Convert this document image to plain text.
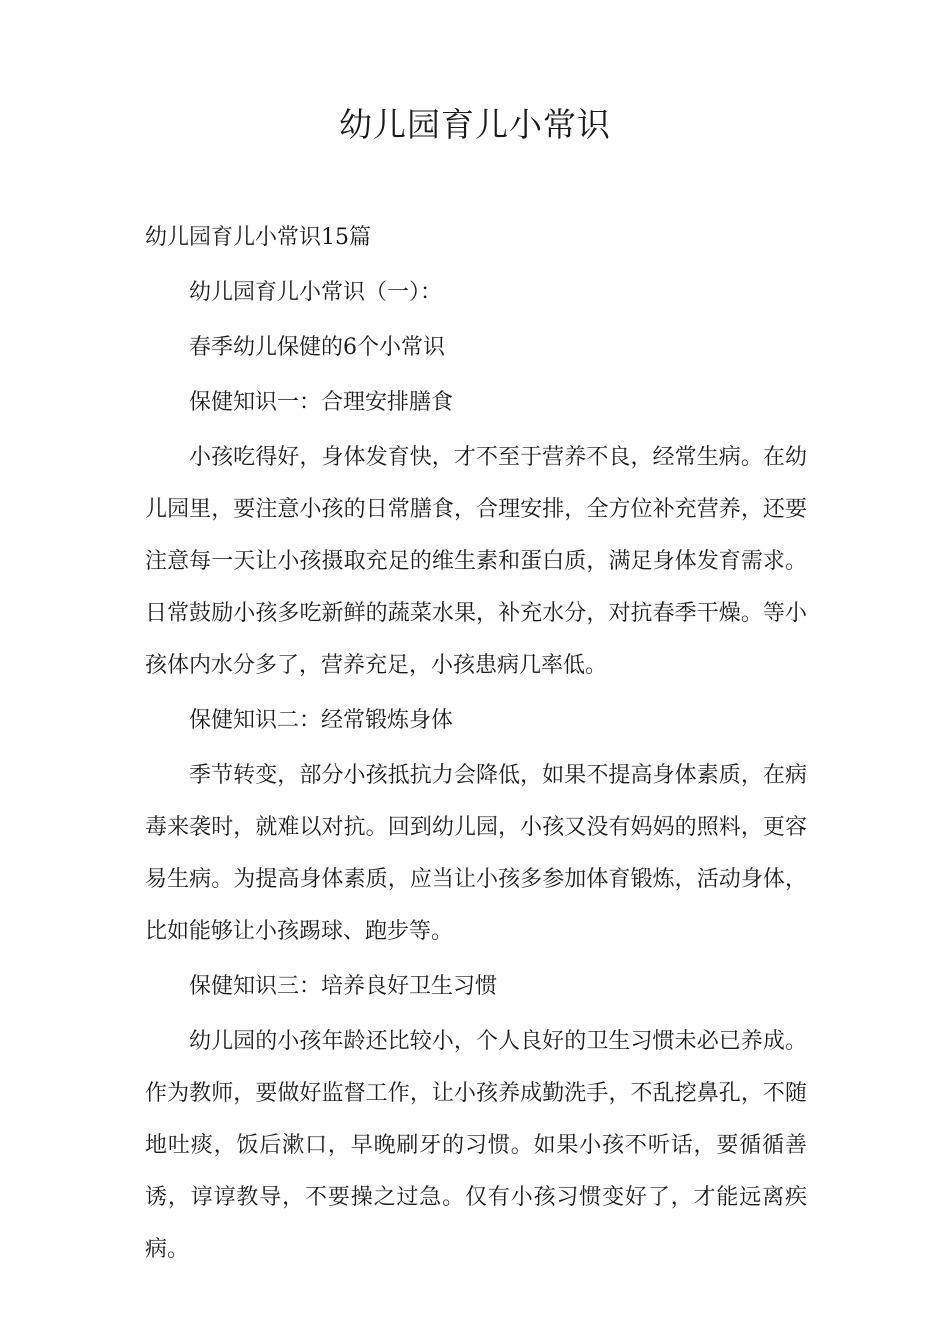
幼儿园育儿小常识

幼儿园育儿小常识15篇

幼儿园育儿小常识（一）：

春季幼儿保健的6个小常识

保健知识一：合理安排膳食

小孩吃得好，身体发育快，才不至于营养不良，经常生病。在幼儿园里，要注意小孩的日常膳食，合理安排，全方位补充营养，还要注意每一天让小孩摄取充足的维生素和蛋白质，满足身体发育需求。日常鼓励小孩多吃新鲜的蔬菜水果，补充水分，对抗春季干燥。等小孩体内水分多了，营养充足，小孩患病几率低。

保健知识二：经常锻炼身体

季节转变，部分小孩抵抗力会降低，如果不提高身体素质，在病毒来袭时，就难以对抗。回到幼儿园，小孩又没有妈妈的照料，更容易生病。为提高身体素质，应当让小孩多参加体育锻炼，活动身体，比如能够让小孩踢球、跑步等。

保健知识三：培养良好卫生习惯

幼儿园的小孩年龄还比较小，个人良好的卫生习惯未必已养成。作为教师，要做好监督工作，让小孩养成勤洗手，不乱挖鼻孔，不随地吐痰，饭后漱口，早晚刷牙的习惯。如果小孩不听话，要循循善诱，谆谆教导，不要操之过急。仅有小孩习惯变好了，才能远离疾病。
